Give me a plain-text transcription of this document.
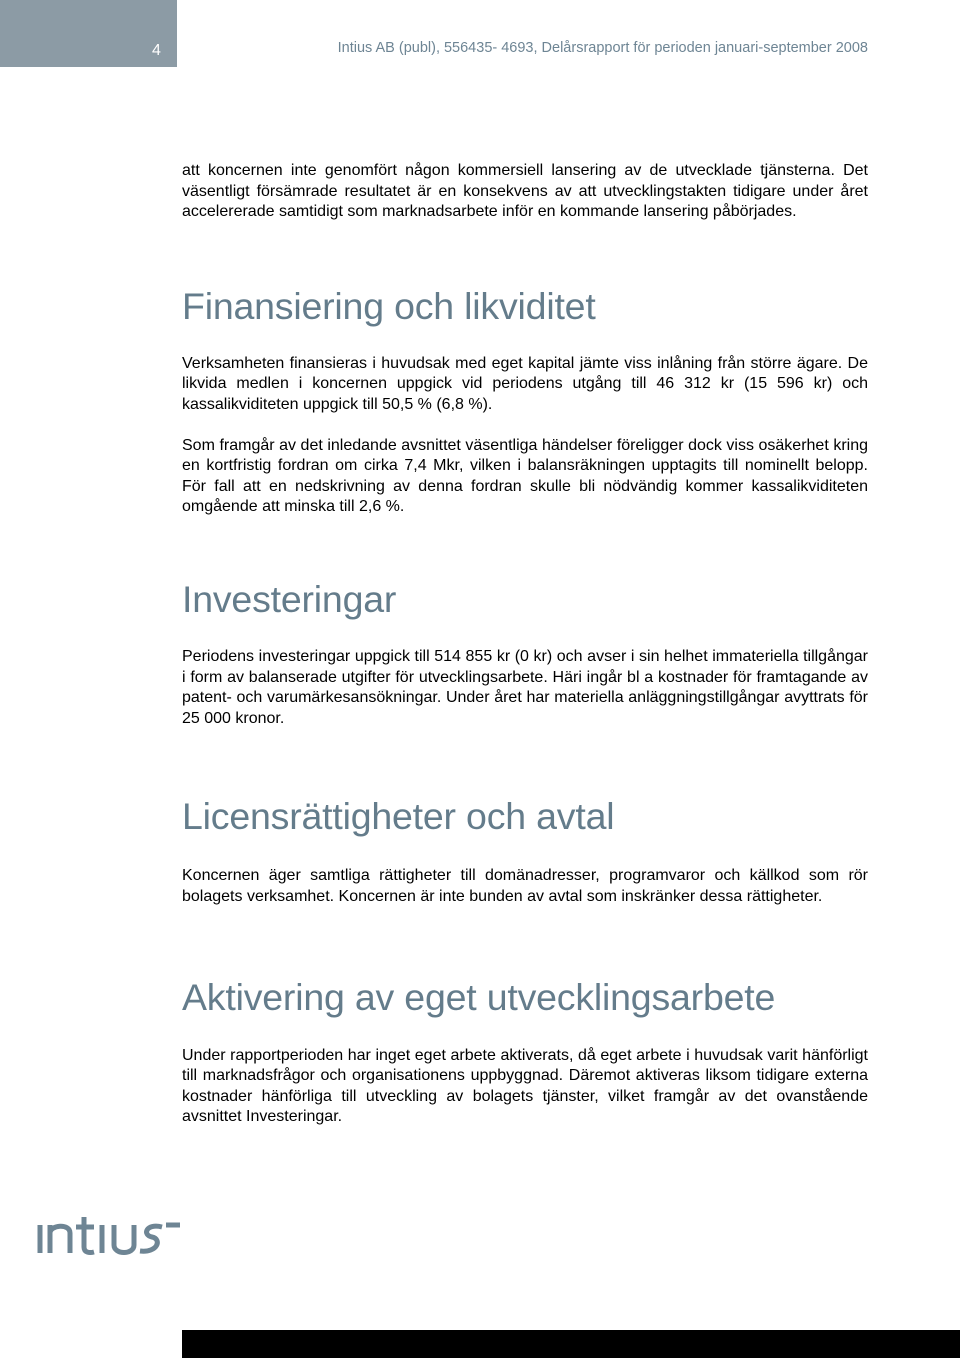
4	Intius AB (publ), 556435- 4693, Delårsrapport för perioden januari-september 2008

att koncernen inte genomfört någon kommersiell lansering av de utvecklade tjänsterna. Det väsentligt försämrade resultatet är en konsekvens av att utvecklingstakten tidigare under året accelererade samtidigt som marknadsarbete inför en kommande lansering påbörjades.

Finansiering och likviditet

Verksamheten finansieras i huvudsak med eget kapital jämte viss inlåning från större ägare. De likvida medlen i koncernen uppgick vid periodens utgång till 46 312 kr (15 596 kr) och kassalikviditeten uppgick till 50,5 % (6,8 %).

Som framgår av det inledande avsnittet väsentliga händelser föreligger dock viss osäkerhet kring en kortfristig fordran om cirka 7,4 Mkr, vilken i balansräkningen upptagits till nominellt belopp. För fall att en nedskrivning av denna fordran skulle bli nödvändig kommer kassalikviditeten omgående att minska till 2,6 %.

Investeringar

Periodens investeringar uppgick till 514 855 kr (0 kr) och avser i sin helhet immateriella tillgångar i form av balanserade utgifter för utvecklingsarbete. Häri ingår bl a kostnader för framtagande av patent- och varumärkesansökningar. Under året har materiella anläggningstillgångar avyttrats för 25 000 kronor.

Licensrättigheter och avtal

Koncernen äger samtliga rättigheter till domänadresser, programvaror och källkod som rör bolagets verksamhet. Koncernen är inte bunden av avtal som inskränker dessa rättigheter.

Aktivering av eget utvecklingsarbete

Under rapportperioden har inget eget arbete aktiverats, då eget arbete i huvudsak varit hänförligt till marknadsfrågor och organisationens uppbyggnad. Däremot aktiveras liksom tidigare externa kostnader hänförliga till utveckling av bolagets tjänster, vilket framgår av det ovanstående avsnittet Investeringar.

intius
